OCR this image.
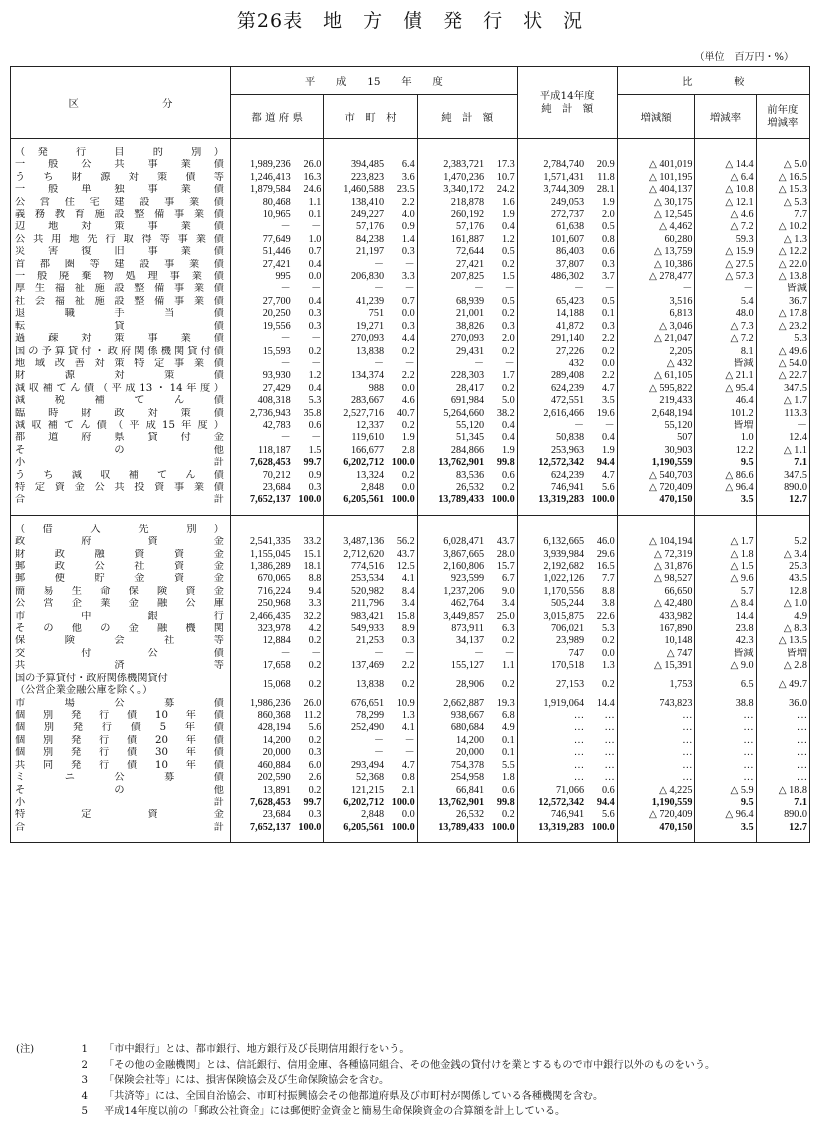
第26表　地　方　債　発　行　状　況
（単位　百万円・%）
区　　　　　　　　分	平　　成　　15　　年　　度						平成14年度
純　計　額		比　　　　較		
	都 道 府 県		市　町　村		純　計　額				増減額	増減率	前年度
増減率

（発 行 目 的 別）											
一般公共事業債	1,989,236	26.0	394,485	6.4	2,383,721	17.3	2,784,740	20.9	△ 401,019	△ 14.4	△ 5.0
うち財源対策債等	1,246,413	16.3	223,823	3.6	1,470,236	10.7	1,571,431	11.8	△ 101,195	△ 6.4	△ 16.5
一般単独事業債	1,879,584	24.6	1,460,588	23.5	3,340,172	24.2	3,744,309	28.1	△ 404,137	△ 10.8	△ 15.3
公営住宅建設事業債	80,468	1.1	138,410	2.2	218,878	1.6	249,053	1.9	△ 30,175	△ 12.1	△ 5.3
義務教育施設整備事業債	10,965	0.1	249,227	4.0	260,192	1.9	272,737	2.0	△ 12,545	△ 4.6	7.7
辺地対策事業債	－	－	57,176	0.9	57,176	0.4	61,638	0.5	△ 4,462	△ 7.2	△ 10.2
公共用地先行取得等事業債	77,649	1.0	84,238	1.4	161,887	1.2	101,607	0.8	60,280	59.3	△ 1.3
災害復旧事業債	51,446	0.7	21,197	0.3	72,644	0.5	86,403	0.6	△ 13,759	△ 15.9	△ 12.2
首都圏等建設事業債	27,421	0.4	－	－	27,421	0.2	37,807	0.3	△ 10,386	△ 27.5	△ 22.0
一般廃棄物処理事業債	995	0.0	206,830	3.3	207,825	1.5	486,302	3.7	△ 278,477	△ 57.3	△ 13.8
厚生福祉施設整備事業債	－	－	－	－	－	－	－	－	－	－	皆減
社会福祉施設整備事業債	27,700	0.4	41,239	0.7	68,939	0.5	65,423	0.5	3,516	5.4	36.7
退職手当債	20,250	0.3	751	0.0	21,001	0.2	14,188	0.1	6,813	48.0	△ 17.8
転貸債	19,556	0.3	19,271	0.3	38,826	0.3	41,872	0.3	△ 3,046	△ 7.3	△ 23.2
過疎対策事業債	－	－	270,093	4.4	270,093	2.0	291,140	2.2	△ 21,047	△ 7.2	5.3
国の予算貸付・政府関係機関貸付債	15,593	0.2	13,838	0.2	29,431	0.2	27,226	0.2	2,205	8.1	△ 49.6
地域改善対策特定事業債	－	－	－	－	－	－	432	0.0	△ 432	皆減	△ 54.0
財源対策債	93,930	1.2	134,374	2.2	228,303	1.7	289,408	2.2	△ 61,105	△ 21.1	△ 22.7
減収補てん債（平成13・14年度）	27,429	0.4	988	0.0	28,417	0.2	624,239	4.7	△ 595,822	△ 95.4	347.5
減税補てん債	408,318	5.3	283,667	4.6	691,984	5.0	472,551	3.5	219,433	46.4	△ 1.7
臨時財政対策債	2,736,943	35.8	2,527,716	40.7	5,264,660	38.2	2,616,466	19.6	2,648,194	101.2	113.3
減収補てん債（平成15年度）	42,783	0.6	12,337	0.2	55,120	0.4	－	－	55,120	皆増	－
都道府県貸付金	－	－	119,610	1.9	51,345	0.4	50,838	0.4	507	1.0	12.4
そ　の　他	118,187	1.5	166,677	2.8	284,866	1.9	253,963	1.9	30,903	12.2	△ 1.1
小　　　　計	7,628,453	99.7	6,202,712	100.0	13,762,901	99.8	12,572,342	94.4	1,190,559	9.5	7.1
うち減収補てん債	70,212	0.9	13,324	0.2	83,536	0.6	624,239	4.7	△ 540,703	△ 86.6	347.5
特定資金公共投資事業債	23,684	0.3	2,848	0.0	26,532	0.2	746,941	5.6	△ 720,409	△ 96.4	890.0
合　　　　計	7,652,137	100.0	6,205,561	100.0	13,789,433	100.0	13,319,283	100.0	470,150	3.5	12.7

（借 入 先 別）											
政府資金	2,541,335	33.2	3,487,136	56.2	6,028,471	43.7	6,132,665	46.0	△ 104,194	△ 1.7	5.2
財政融資資金	1,155,045	15.1	2,712,620	43.7	3,867,665	28.0	3,939,984	29.6	△ 72,319	△ 1.8	△ 3.4
郵政公社資金	1,386,289	18.1	774,516	12.5	2,160,806	15.7	2,192,682	16.5	△ 31,876	△ 1.5	25.3
郵便貯金資金	670,065	8.8	253,534	4.1	923,599	6.7	1,022,126	7.7	△ 98,527	△ 9.6	43.5
簡易生命保険資金	716,224	9.4	520,982	8.4	1,237,206	9.0	1,170,556	8.8	66,650	5.7	12.8
公営企業金融公庫	250,968	3.3	211,796	3.4	462,764	3.4	505,244	3.8	△ 42,480	△ 8.4	△ 1.0
市中銀行	2,466,435	32.2	983,421	15.8	3,449,857	25.0	3,015,875	22.6	433,982	14.4	4.9
その他の金融機関	323,978	4.2	549,933	8.9	873,911	6.3	706,021	5.3	167,890	23.8	△ 8.3
保険会社等	12,884	0.2	21,253	0.3	34,137	0.2	23,989	0.2	10,148	42.3	△ 13.5
交付公債	－	－	－	－	－	－	747	0.0	△ 747	皆減	皆増
共済等	17,658	0.2	137,469	2.2	155,127	1.1	170,518	1.3	△ 15,391	△ 9.0	△ 2.8

国の予算貸付・政府関係機関貸付
（公営企業金融公庫を除く。）	15,068	0.2	13,838	0.2	28,906	0.2	27,153	0.2	1,753	6.5	△ 49.7
市場公募債	1,986,236	26.0	676,651	10.9	2,662,887	19.3	1,919,064	14.4	743,823	38.8	36.0
個別発行債10年債	860,368	11.2	78,299	1.3	938,667	6.8	…	…	…	…	…
個別発行債5年債	428,194	5.6	252,490	4.1	680,684	4.9	…	…	…	…	…
個別発行債20年債	14,200	0.2	－	－	14,200	0.1	…	…	…	…	…
個別発行債30年債	20,000	0.3	－	－	20,000	0.1	…	…	…	…	…
共同発行債10年債	460,884	6.0	293,494	4.7	754,378	5.5	…	…	…	…	…
ミニ公募債	202,590	2.6	52,368	0.8	254,958	1.8	…	…	…	…	…
そ　の　他	13,891	0.2	121,215	2.1	66,841	0.6	71,066	0.6	△ 4,225	△ 5.9	△ 18.8
小　　　　計	7,628,453	99.7	6,202,712	100.0	13,762,901	99.8	12,572,342	94.4	1,190,559	9.5	7.1
特定資金	23,684	0.3	2,848	0.0	26,532	0.2	746,941	5.6	△ 720,409	△ 96.4	890.0
合　　　　計	7,652,137	100.0	6,205,561	100.0	13,789,433	100.0	13,319,283	100.0	470,150	3.5	12.7

(注)	1	「市中銀行」とは、都市銀行、地方銀行及び長期信用銀行をいう。
2	「その他の金融機関」とは、信託銀行、信用金庫、各種協同組合、その他金銭の貸付けを業とするもので市中銀行以外のものをいう。
3	「保険会社等」には、損害保険協会及び生命保険協会を含む。
4	「共済等」には、全国自治協会、市町村振興協会その他都道府県及び市町村が関係している各種機関を含む。
5	平成14年度以前の「郵政公社資金」には郵便貯金資金と簡易生命保険資金の合算額を計上している。
